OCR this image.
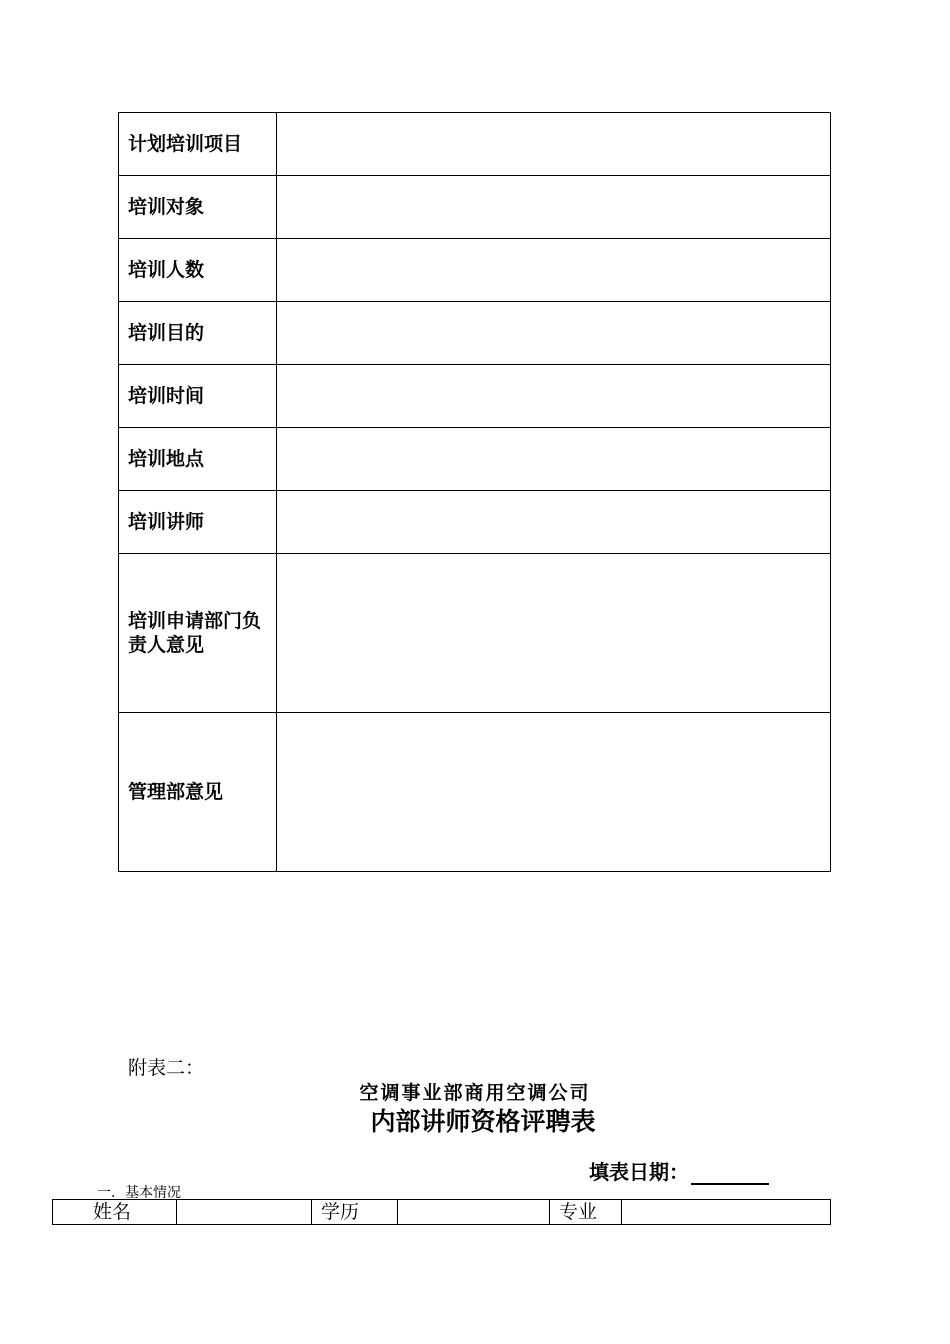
计划培训项目	
培训对象	
培训人数	
培训目的	
培训时间	
培训地点	
培训讲师	
培训申请部门负责人意见	
管理部意见	
附表二：
空调事业部商用空调公司
内部讲师资格评聘表
填表日期：
一．基本情况
姓名		学历		专业	
